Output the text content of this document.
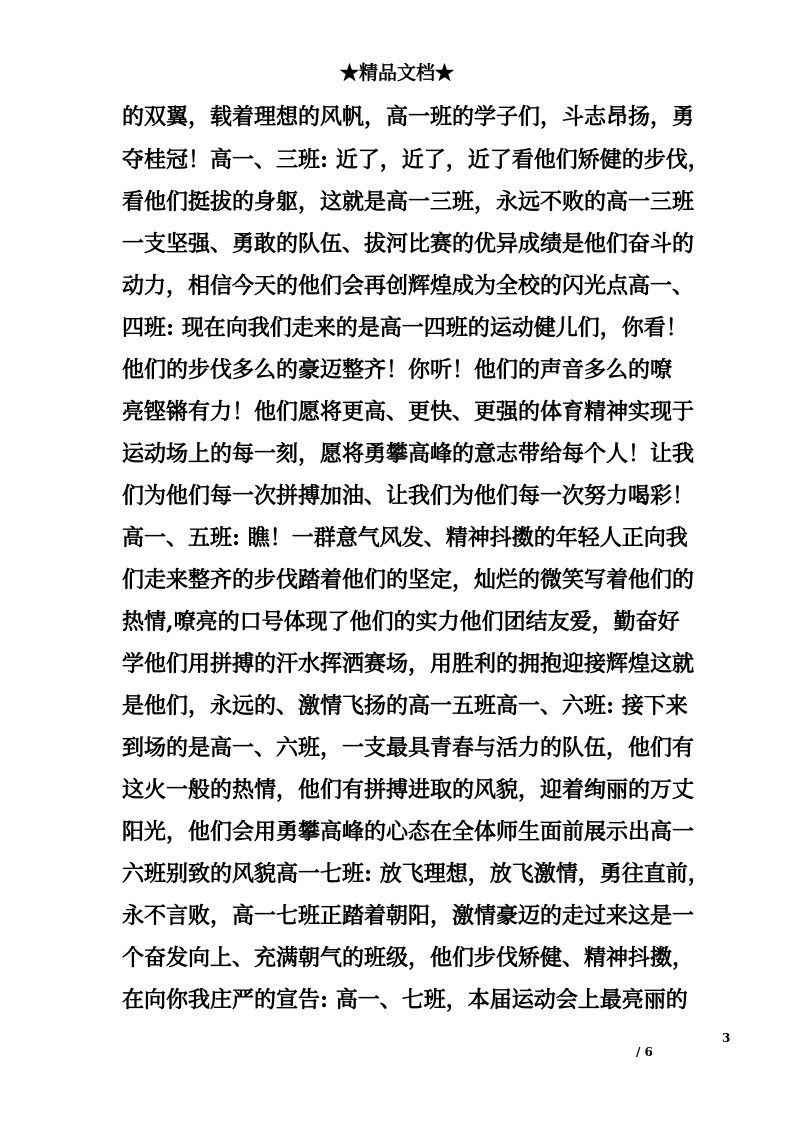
★精品文档★
的双翼，载着理想的风帆，高一班的学子们，斗志昂扬，勇
夺桂冠！高一、三班: 近了，近了，近了看他们矫健的步伐，
看他们挺拔的身躯，这就是高一三班，永远不败的高一三班
一支坚强、勇敢的队伍、拔河比赛的优异成绩是他们奋斗的
动力，相信今天的他们会再创辉煌成为全校的闪光点高一、
四班: 现在向我们走来的是高一四班的运动健儿们，你看！
他们的步伐多么的豪迈整齐！你听！他们的声音多么的嘹
亮铿锵有力！他们愿将更高、更快、更强的体育精神实现于
运动场上的每一刻，愿将勇攀高峰的意志带给每个人！让我
们为他们每一次拼搏加油、让我们为他们每一次努力喝彩！
高一、五班: 瞧！一群意气风发、精神抖擞的年轻人正向我
们走来整齐的步伐踏着他们的坚定，灿烂的微笑写着他们的
热情,嘹亮的口号体现了他们的实力他们团结友爱，勤奋好
学他们用拼搏的汗水挥洒赛场，用胜利的拥抱迎接辉煌这就
是他们，永远的、激情飞扬的高一五班高一、六班: 接下来
到场的是高一、六班，一支最具青春与活力的队伍，他们有
这火一般的热情，他们有拼搏进取的风貌，迎着绚丽的万丈
阳光，他们会用勇攀高峰的心态在全体师生面前展示出高一
六班别致的风貌高一七班: 放飞理想，放飞激情，勇往直前，
永不言败，高一七班正踏着朝阳，激情豪迈的走过来这是一
个奋发向上、充满朝气的班级，他们步伐矫健、精神抖擞，
在向你我庄严的宣告: 高一、七班，本届运动会上最亮丽的
3
/ 6
